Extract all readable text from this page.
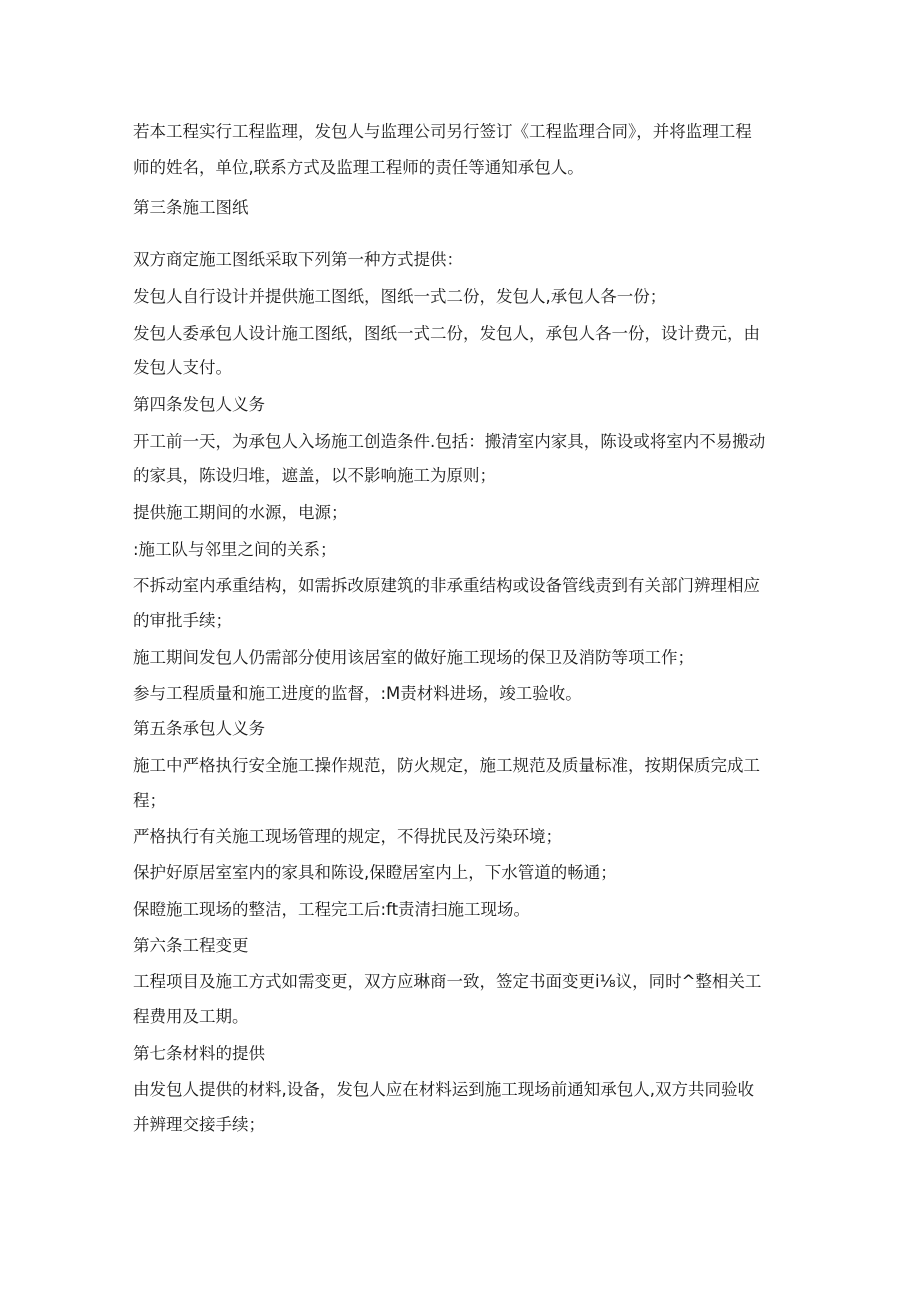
若本工程实行工程监理，发包人与监理公司另行签订《工程监理合同》，并将监理工程
师的姓名，单位,联系方式及监理工程师的责任等通知承包人。
第三条施工图纸
双方商定施工图纸采取下列第一种方式提供：
发包人自行设计并提供施工图纸，图纸一式二份，发包人,承包人各一份；
发包人委承包人设计施工图纸，图纸一式二份，发包人，承包人各一份，设计费元，由
发包人支付。
第四条发包人义务
开工前一天，为承包人入场施工创造条件.包括：搬清室内家具，陈设或将室内不易搬动
的家具，陈设归堆，遮盖，以不影响施工为原则；
提供施工期间的水源，电源；
:施工队与邻里之间的关系；
不拆动室内承重结构，如需拆改原建筑的非承重结构或设备管线责到有关部门辨理相应
的审批手续；
施工期间发包人仍需部分使用该居室的做好施工现场的保卫及消防等项工作；
参与工程质量和施工进度的监督，:M责材料进场，竣工验收。
第五条承包人义务
施工中严格执行安全施工操作规范，防火规定，施工规范及质量标准，按期保质完成工
程；
严格执行有关施工现场管理的规定，不得扰民及污染环境；
保护好原居室室内的家具和陈设,保瞪居室内上，下水管道的畅通；
保瞪施工现场的整洁，工程完工后:ft责清扫施工现场。
第六条工程变更
工程项目及施工方式如需变更，双方应琳商一致，签定书面变更i⅛议，同时^整相关工
程费用及工期。
第七条材料的提供
由发包人提供的材料,设备，发包人应在材料运到施工现场前通知承包人,双方共同验收
并辨理交接手续；
